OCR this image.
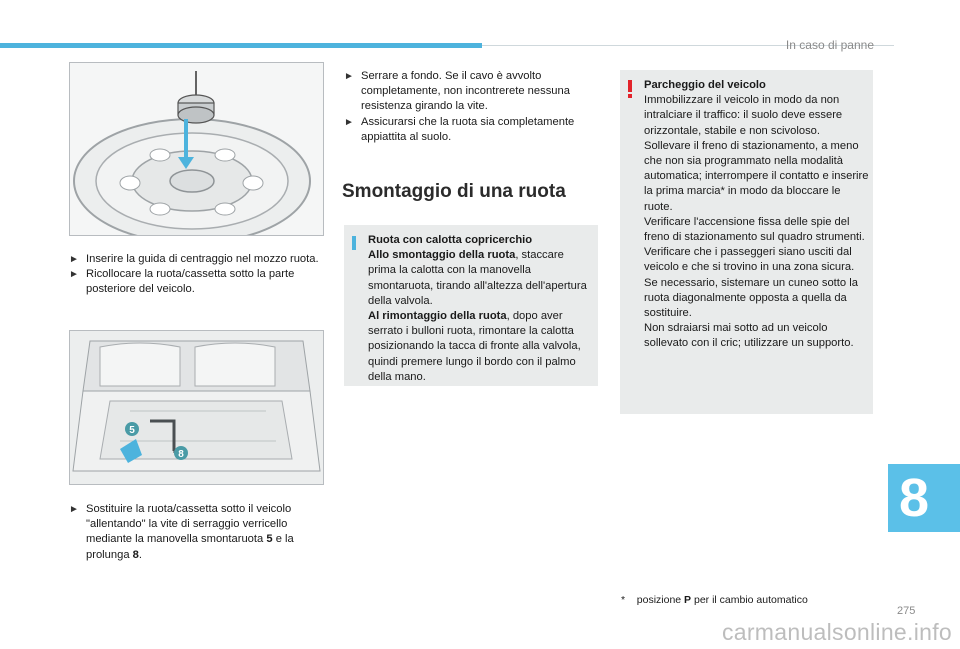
In caso di panne
► Inserire la guida di centraggio nel mozzo ruota.
► Ricollocare la ruota/cassetta sotto la parte posteriore del veicolo.
5
8
► Sostituire la ruota/cassetta sotto il veicolo "allentando" la vite di serraggio verricello mediante la manovella smontaruota 5 e la prolunga 8.
► Serrare a fondo. Se il cavo è avvolto completamente, non incontrerete nessuna resistenza girando la vite.
► Assicurarsi che la ruota sia completamente appiattita al suolo.
Smontaggio di una ruota

Ruota con calotta copricerchio

Allo smontaggio della ruota, staccare prima la calotta con la manovella smontaruota, tirando all'altezza dell'apertura della valvola.

Al rimontaggio della ruota, dopo aver serrato i bulloni ruota, rimontare la calotta posizionando la tacca di fronte alla valvola, quindi premere lungo il bordo con il palmo della mano.

Parcheggio del veicolo

Immobilizzare il veicolo in modo da non intralciare il traffico: il suolo deve essere orizzontale, stabile e non scivoloso.

Sollevare il freno di stazionamento, a meno che non sia programmato nella modalità automatica; interrompere il contatto e inserire la prima marcia* in modo da bloccare le ruote.

Verificare l'accensione fissa delle spie del freno di stazionamento sul quadro strumenti.

Verificare che i passeggeri siano usciti dal veicolo e che si trovino in una zona sicura.

Se necessario, sistemare un cuneo sotto la ruota diagonalmente opposta a quella da sostituire.

Non sdraiarsi mai sotto ad un veicolo sollevato con il cric; utilizzare un supporto.

* posizione P per il cambio automatico
8
275
carmanualsonline.info
